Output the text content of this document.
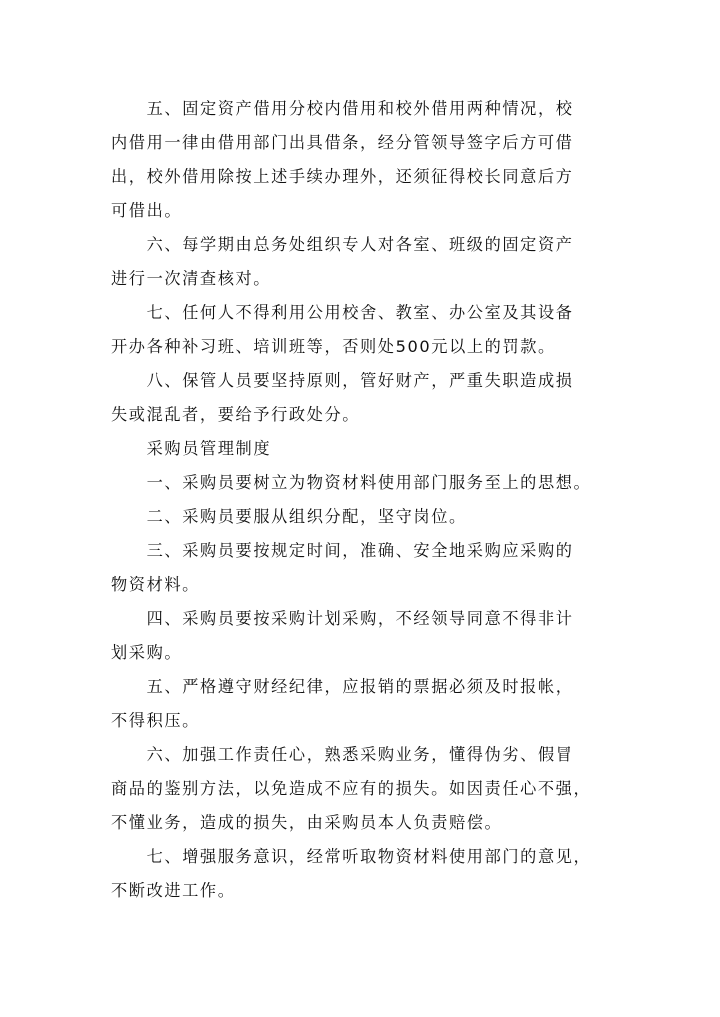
五、固定资产借用分校内借用和校外借用两种情况，校
内借用一律由借用部门出具借条，经分管领导签字后方可借
出，校外借用除按上述手续办理外，还须征得校长同意后方
可借出。

六、每学期由总务处组织专人对各室、班级的固定资产
进行一次清查核对。

七、任何人不得利用公用校舍、教室、办公室及其设备
开办各种补习班、培训班等，否则处500元以上的罚款。

八、保管人员要坚持原则，管好财产，严重失职造成损
失或混乱者，要给予行政处分。

采购员管理制度

一、采购员要树立为物资材料使用部门服务至上的思想。

二、采购员要服从组织分配，坚守岗位。

三、采购员要按规定时间，准确、安全地采购应采购的
物资材料。

四、采购员要按采购计划采购，不经领导同意不得非计
划采购。

五、严格遵守财经纪律，应报销的票据必须及时报帐，
不得积压。

六、加强工作责任心，熟悉采购业务，懂得伪劣、假冒
商品的鉴别方法，以免造成不应有的损失。如因责任心不强，
不懂业务，造成的损失，由采购员本人负责赔偿。

七、增强服务意识，经常听取物资材料使用部门的意见，
不断改进工作。
